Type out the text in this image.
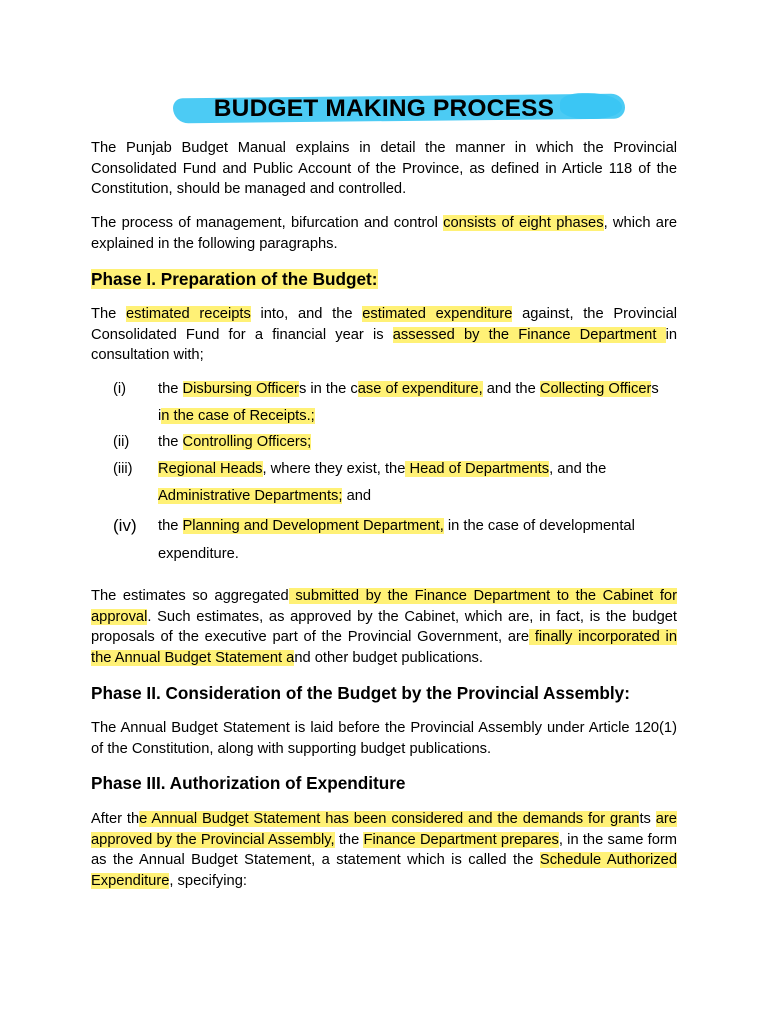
BUDGET MAKING PROCESS

The Punjab Budget Manual explains in detail the manner in which the Provincial Consolidated Fund and Public Account of the Province, as defined in Article 118 of the Constitution, should be managed and controlled.

The process of management, bifurcation and control consists of eight phases, which are explained in the following paragraphs.

Phase I. Preparation of the Budget:

The estimated receipts into, and the estimated expenditure against, the Provincial Consolidated Fund for a financial year is assessed by the Finance Department in consultation with;

(i) the Disbursing Officers in the case of expenditure, and the Collecting Officers
in the case of Receipts.;
(ii) the Controlling Officers;
(iii) Regional Heads, where they exist, the Head of Departments, and the
Administrative Departments; and
(iv) the Planning and Development Department, in the case of developmental
expenditure.

The estimates so aggregated submitted by the Finance Department to the Cabinet for approval. Such estimates, as approved by the Cabinet, which are, in fact, is the budget proposals of the executive part of the Provincial Government, are finally incorporated in the Annual Budget Statement and other budget publications.

Phase II. Consideration of the Budget by the Provincial Assembly:

The Annual Budget Statement is laid before the Provincial Assembly under Article 120(1) of the Constitution, along with supporting budget publications.

Phase III. Authorization of Expenditure

After the Annual Budget Statement has been considered and the demands for grants are approved by the Provincial Assembly, the Finance Department prepares, in the same form as the Annual Budget Statement, a statement which is called the Schedule Authorized Expenditure, specifying:
